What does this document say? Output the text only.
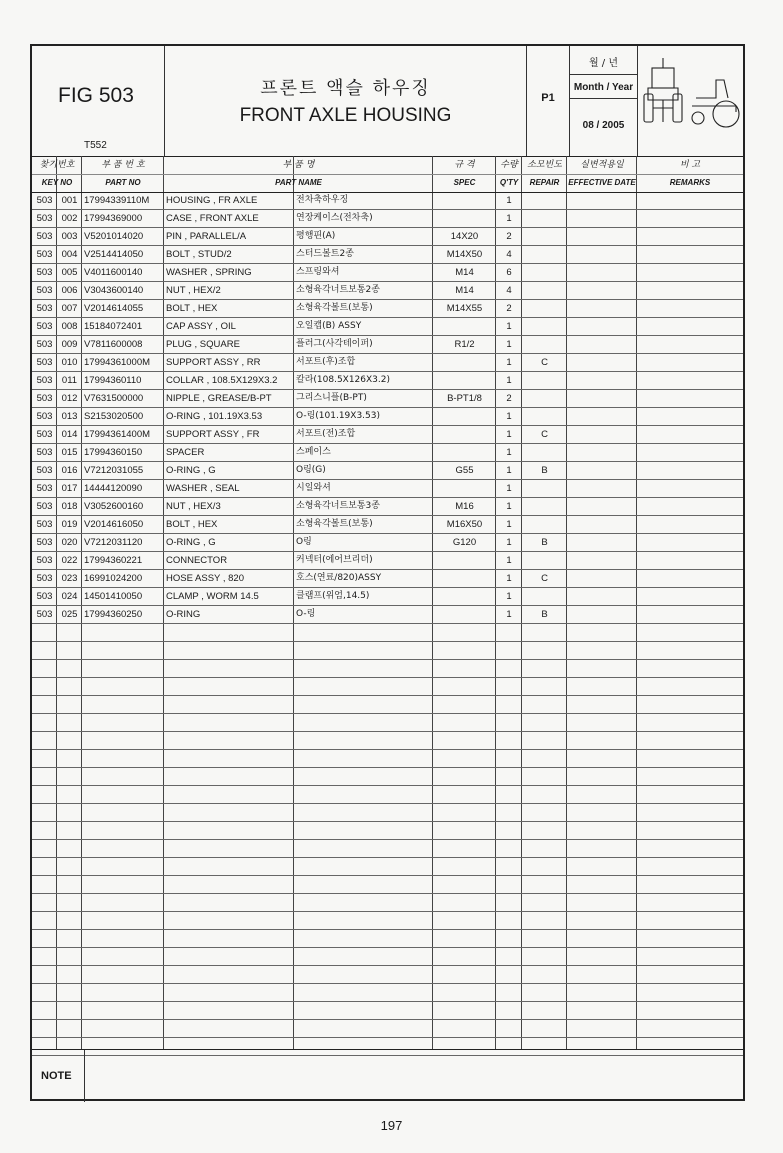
FIG 503
T552
프론트 액슬 하우징
FRONT AXLE HOUSING
P1
월 / 년
Month / Year
08 / 2005
찾기번호	부 품 번 호	부 품 명	규 격	수량	소모빈도	실변적용일	비 고
KEY NO	PART NO	PART NAME	SPEC	Q'TY	REPAIR	EFFECTIVE DATE	REMARKS
503 001 17994339110M	HOUSING , FR AXLE	전차축하우징	1
503 002 17994369000	CASE , FRONT AXLE	연장케이스(전차축)	1
503 003 V5201014020	PIN , PARALLEL/A	평행핀(A)	14X20	2
503 004 V2514414050	BOLT , STUD/2	스터드볼트2종	M14X50	4
503 005 V4011600140	WASHER , SPRING	스프링와셔	M14	6
503 006 V3043600140	NUT , HEX/2	소형육각너트보통2종	M14	4
503 007 V2014614055	BOLT , HEX	소형육각볼트(보통)	M14X55	2
503 008 15184072401	CAP ASSY , OIL	오일캡(B) ASSY	1
503 009 V7811600008	PLUG , SQUARE	플러그(사각테이퍼)	R1/2	1
503 010 17994361000M	SUPPORT ASSY , RR	서포트(후)조합	1	C
503	011 17994360110	COLLAR , 108.5X129X3.2	칼라(108.5X126X3.2)	1
503 012 V7631500000	NIPPLE , GREASE/B-PT	그리스니플(B-PT)	B-PT1/8	2
503 013 S2153020500	O-RING , 101.19X3.53	O-링(101.19X3.53)	1
503 014 17994361400M	SUPPORT ASSY , FR	서포트(전)조합	1	C
503 015 17994360150	SPACER	스페이스	1
503 016 V7212031055	O-RING , G	O링(G)	G55	1	B
503 017 14444120090	WASHER , SEAL	시일와셔	1
503 018 V3052600160	NUT , HEX/3	소형육각너트보통3종	M16	1
503 019 V2014616050	BOLT , HEX	소형육각볼트(보통)	M16X50	1
503 020 V7212031120	O-RING , G	O링	G120	1	B
503 022 17994360221	CONNECTOR	커넥터(에어브리더)	1
503 023 16991024200	HOSE ASSY , 820	호스(연료/820)ASSY	1	C
503 024 14501410050	CLAMP , WORM 14.5	클램프(위엄,14.5)	1
503 025 17994360250	O-RING	O-링	1	B
NOTE
197
